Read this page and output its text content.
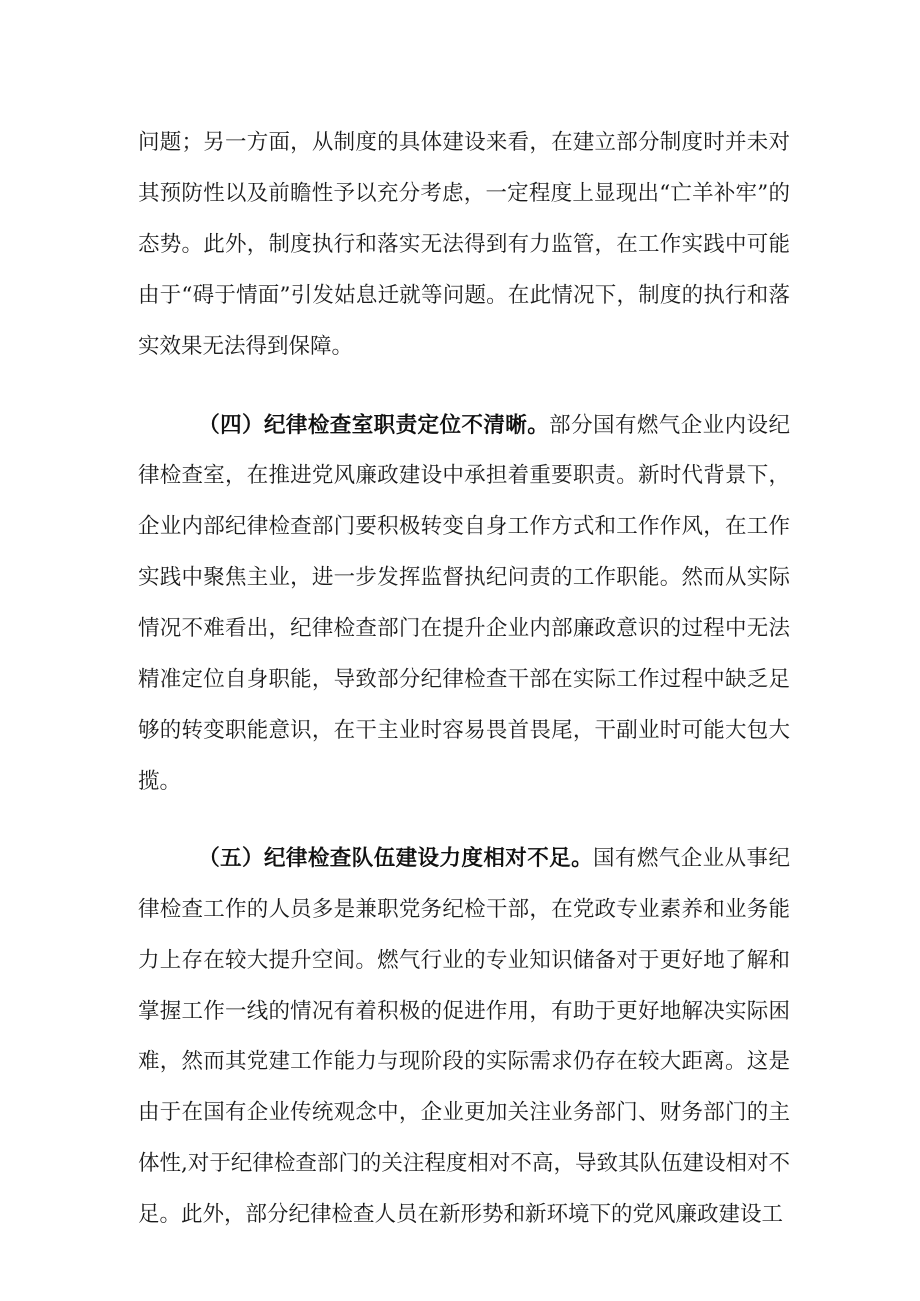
问题；另一方面，从制度的具体建设来看，在建立部分制度时并未对其预防性以及前瞻性予以充分考虑，一定程度上显现出“亡羊补牢”的态势。此外，制度执行和落实无法得到有力监管，在工作实践中可能由于“碍于情面”引发姑息迁就等问题。在此情况下，制度的执行和落实效果无法得到保障。

（四）纪律检查室职责定位不清晰。部分国有燃气企业内设纪律检查室，在推进党风廉政建设中承担着重要职责。新时代背景下，企业内部纪律检查部门要积极转变自身工作方式和工作作风，在工作实践中聚焦主业，进一步发挥监督执纪问责的工作职能。然而从实际情况不难看出，纪律检查部门在提升企业内部廉政意识的过程中无法精准定位自身职能，导致部分纪律检查干部在实际工作过程中缺乏足够的转变职能意识，在干主业时容易畏首畏尾，干副业时可能大包大揽。

（五）纪律检查队伍建设力度相对不足。国有燃气企业从事纪律检查工作的人员多是兼职党务纪检干部，在党政专业素养和业务能力上存在较大提升空间。燃气行业的专业知识储备对于更好地了解和掌握工作一线的情况有着积极的促进作用，有助于更好地解决实际困难，然而其党建工作能力与现阶段的实际需求仍存在较大距离。这是由于在国有企业传统观念中，企业更加关注业务部门、财务部门的主体性,对于纪律检查部门的关注程度相对不高，导致其队伍建设相对不足。此外，部分纪律检查人员在新形势和新环境下的党风廉政建设工
